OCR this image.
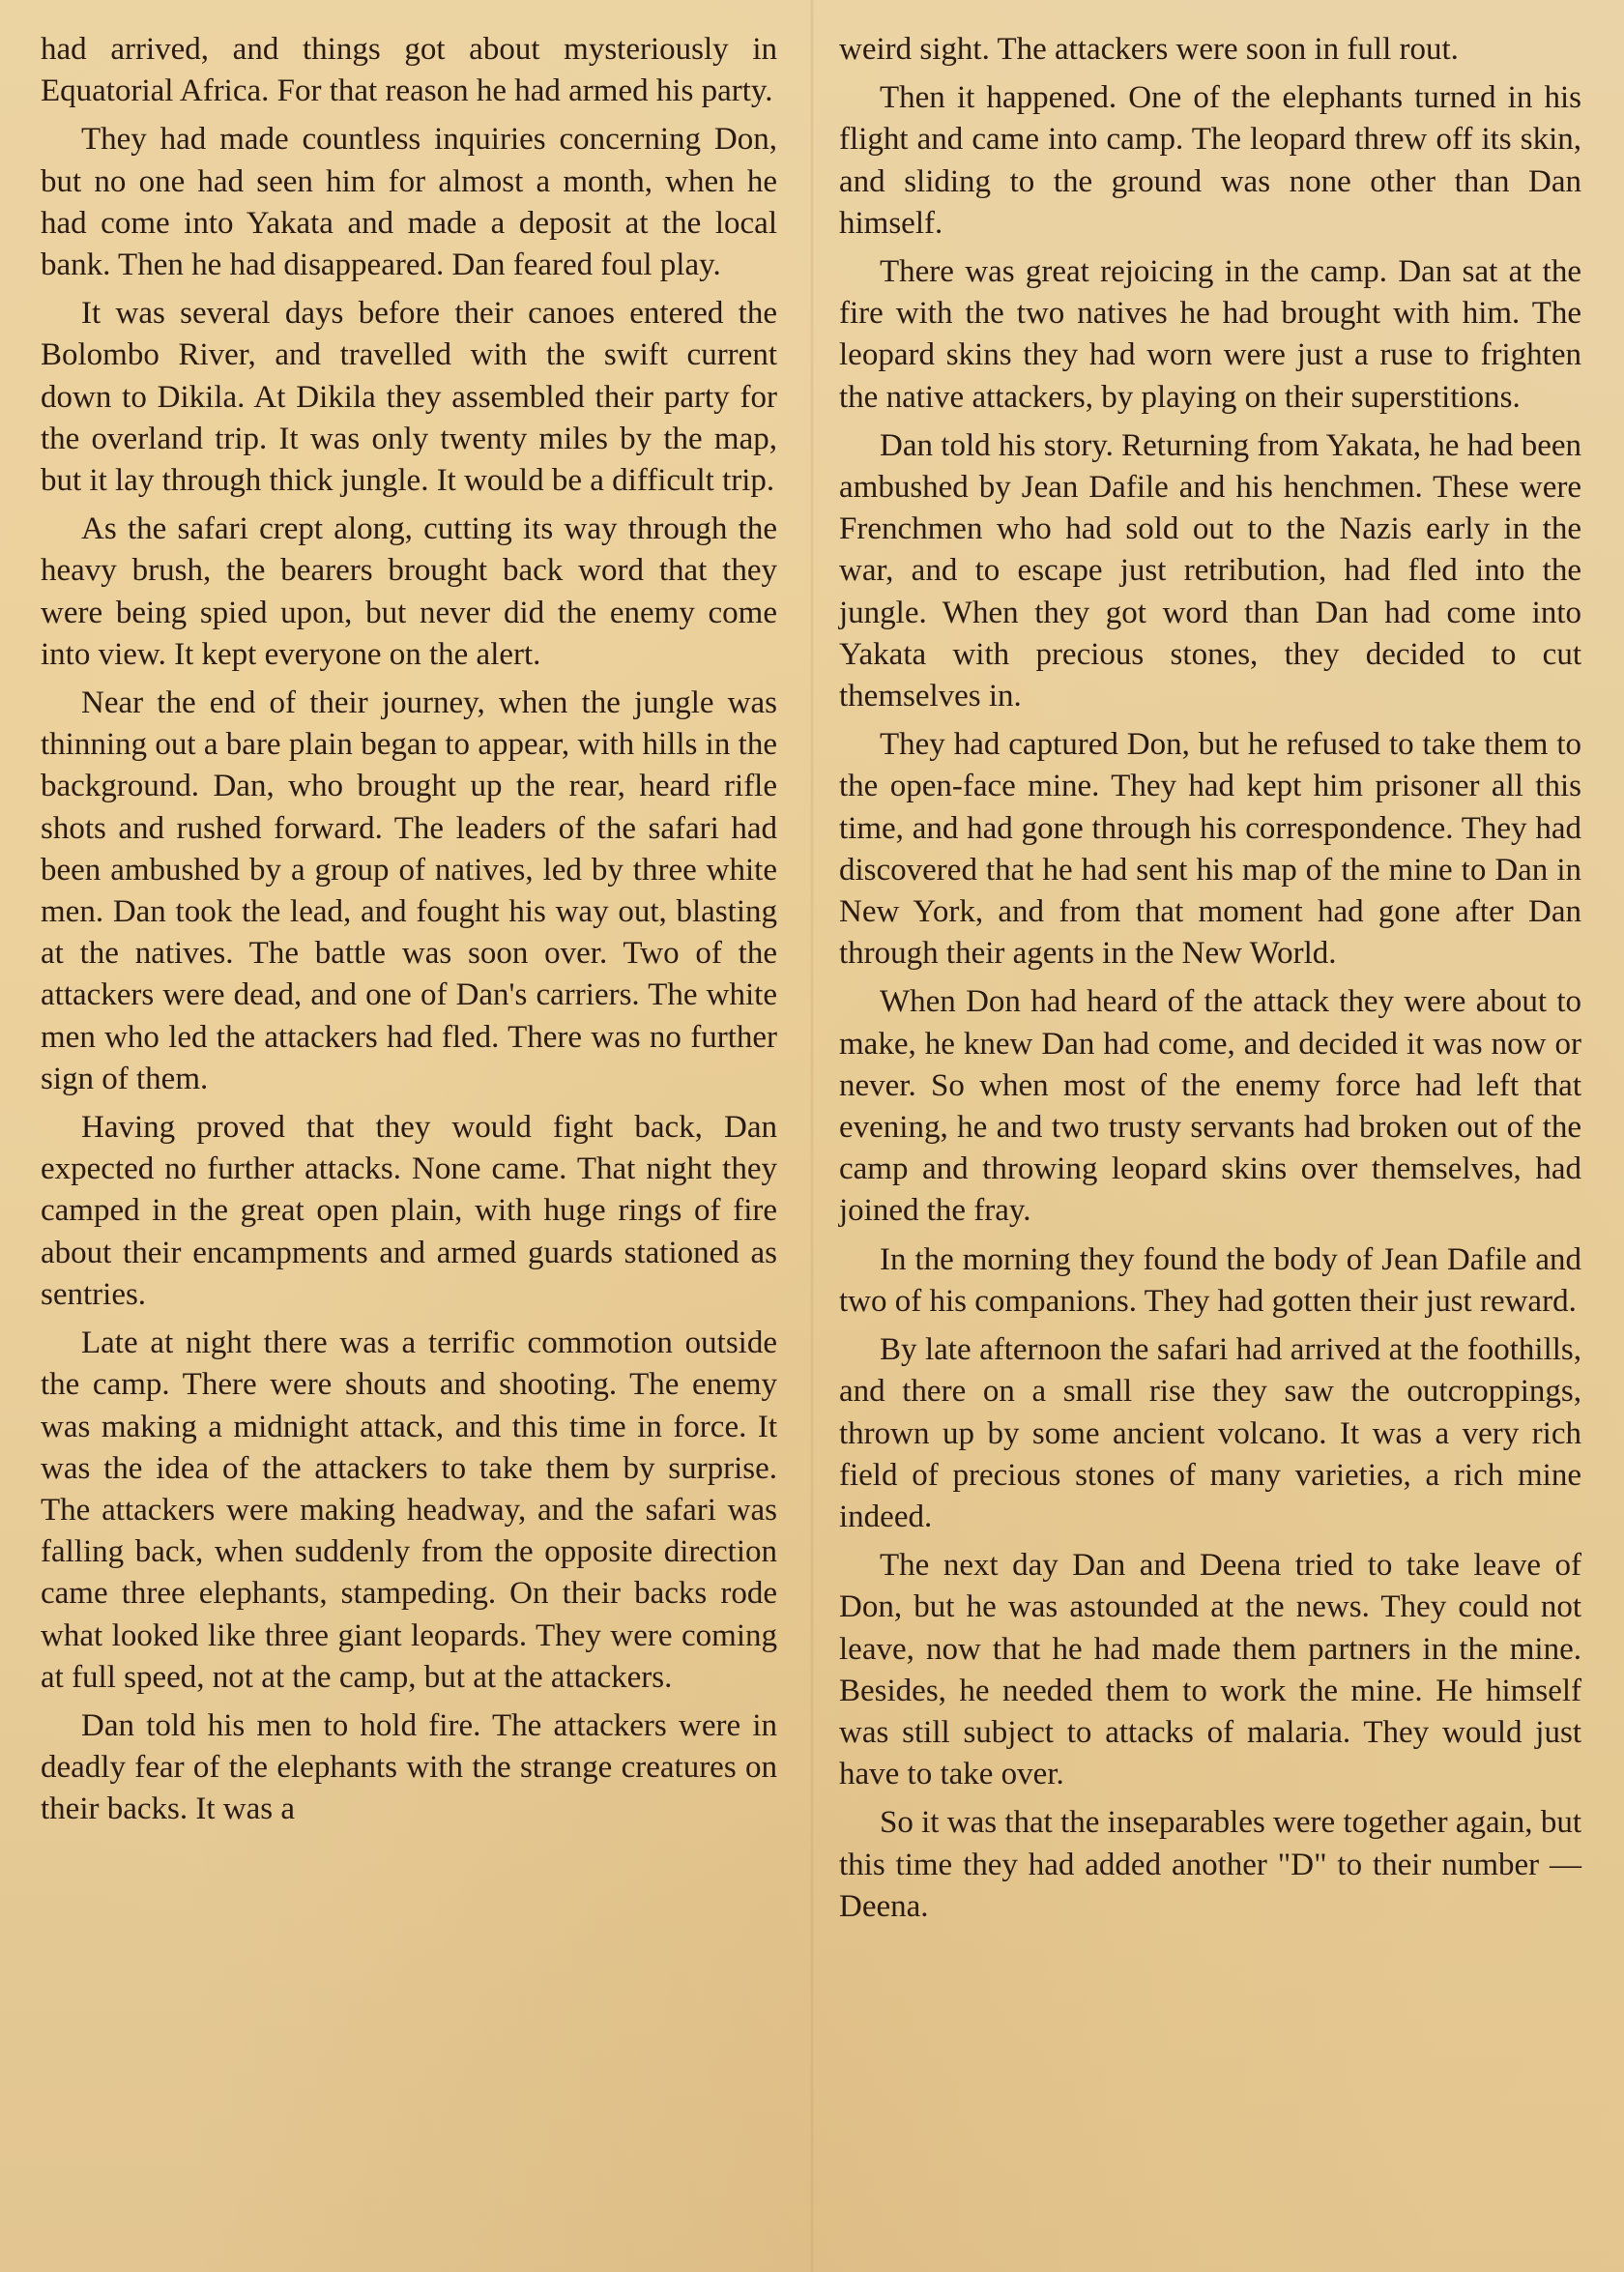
had arrived, and things got about mysteriously in Equatorial Africa. For that reason he had armed his party.

They had made countless inquiries concerning Don, but no one had seen him for almost a month, when he had come into Yakata and made a deposit at the local bank. Then he had disappeared. Dan feared foul play.

It was several days before their canoes entered the Bolombo River, and travelled with the swift current down to Dikila. At Dikila they assembled their party for the overland trip. It was only twenty miles by the map, but it lay through thick jungle. It would be a difficult trip.

As the safari crept along, cutting its way through the heavy brush, the bearers brought back word that they were being spied upon, but never did the enemy come into view. It kept everyone on the alert.

Near the end of their journey, when the jungle was thinning out a bare plain began to appear, with hills in the background. Dan, who brought up the rear, heard rifle shots and rushed forward. The leaders of the safari had been ambushed by a group of natives, led by three white men. Dan took the lead, and fought his way out, blasting at the natives. The battle was soon over. Two of the attackers were dead, and one of Dan's carriers. The white men who led the attackers had fled. There was no further sign of them.

Having proved that they would fight back, Dan expected no further attacks. None came. That night they camped in the great open plain, with huge rings of fire about their encampments and armed guards stationed as sentries.

Late at night there was a terrific commotion outside the camp. There were shouts and shooting. The enemy was making a midnight attack, and this time in force. It was the idea of the attackers to take them by surprise. The attackers were making headway, and the safari was falling back, when suddenly from the opposite direction came three elephants, stampeding. On their backs rode what looked like three giant leopards. They were coming at full speed, not at the camp, but at the attackers.

Dan told his men to hold fire. The attackers were in deadly fear of the elephants with the strange creatures on their backs. It was a

weird sight. The attackers were soon in full rout.

Then it happened. One of the elephants turned in his flight and came into camp. The leopard threw off its skin, and sliding to the ground was none other than Dan himself.

There was great rejoicing in the camp. Dan sat at the fire with the two natives he had brought with him. The leopard skins they had worn were just a ruse to frighten the native attackers, by playing on their superstitions.

Dan told his story. Returning from Yakata, he had been ambushed by Jean Dafile and his henchmen. These were Frenchmen who had sold out to the Nazis early in the war, and to escape just retribution, had fled into the jungle. When they got word than Dan had come into Yakata with precious stones, they decided to cut themselves in.

They had captured Don, but he refused to take them to the open-face mine. They had kept him prisoner all this time, and had gone through his correspondence. They had discovered that he had sent his map of the mine to Dan in New York, and from that moment had gone after Dan through their agents in the New World.

When Don had heard of the attack they were about to make, he knew Dan had come, and decided it was now or never. So when most of the enemy force had left that evening, he and two trusty servants had broken out of the camp and throwing leopard skins over themselves, had joined the fray.

In the morning they found the body of Jean Dafile and two of his companions. They had gotten their just reward.

By late afternoon the safari had arrived at the foothills, and there on a small rise they saw the outcroppings, thrown up by some ancient volcano. It was a very rich field of precious stones of many varieties, a rich mine indeed.

The next day Dan and Deena tried to take leave of Don, but he was astounded at the news. They could not leave, now that he had made them partners in the mine. Besides, he needed them to work the mine. He himself was still subject to attacks of malaria. They would just have to take over.

So it was that the inseparables were together again, but this time they had added another "D" to their number — Deena.
